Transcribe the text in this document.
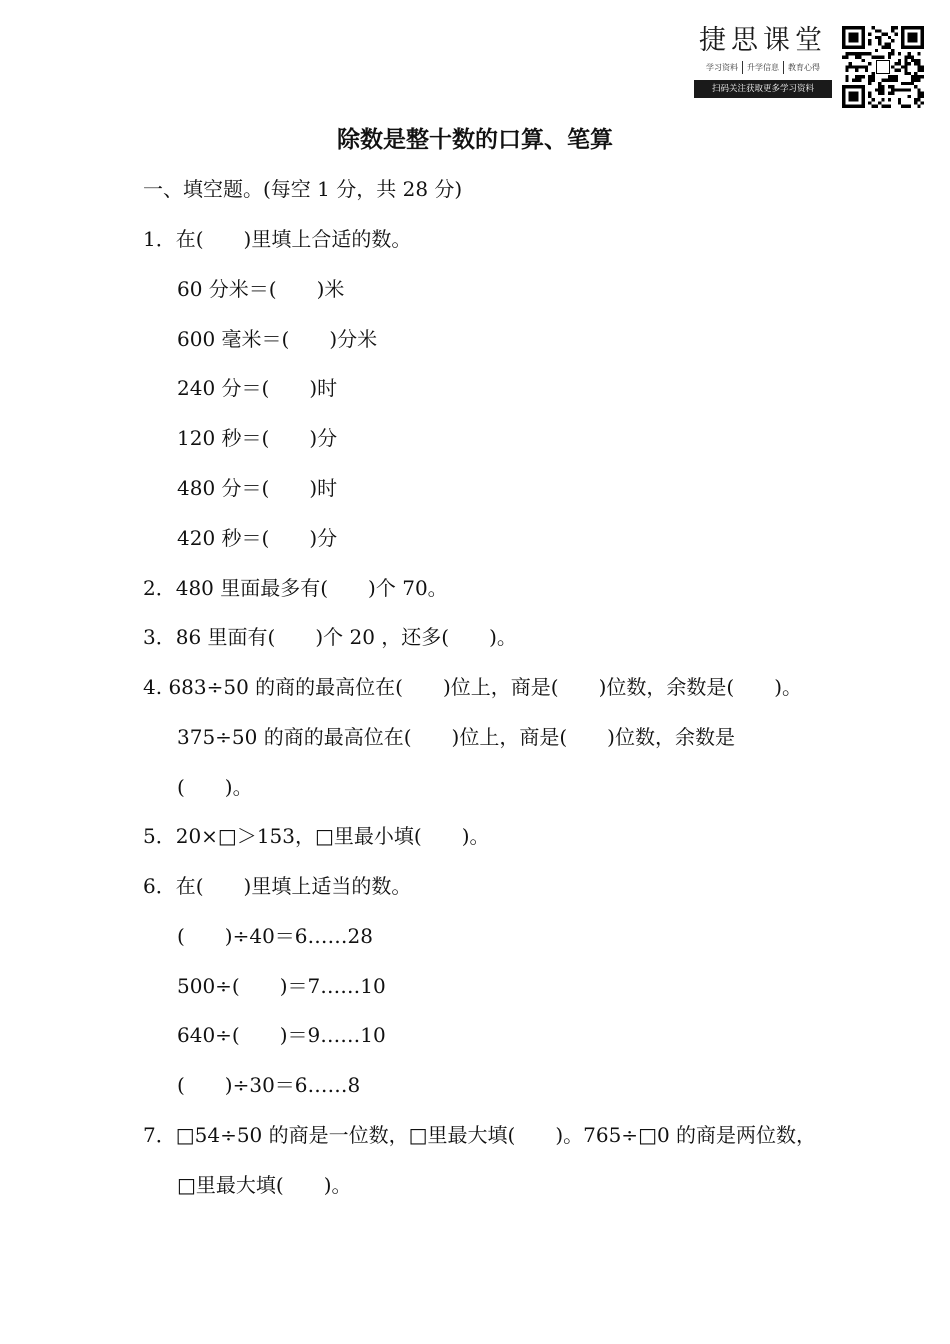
捷思课堂
学习资料	升学信息	教育心得
扫码关注获取更多学习资料
除数是整十数的口算、笔算
一、填空题。(每空 1 分，共 28 分)
1．在(　　)里填上合适的数。
60 分米＝(　　)米
600 毫米＝(　　)分米
240 分＝(　　)时
120 秒＝(　　)分
480 分＝(　　)时
420 秒＝(　　)分
2．480 里面最多有(　　)个 70。
3．86 里面有(　　)个 20 ，还多(　　)。
4. 683÷50 的商的最高位在(　　)位上，商是(　　)位数，余数是(　　)。
375÷50 的商的最高位在(　　)位上，商是(　　)位数，余数是
(　　)。
5．20×□＞153，□里最小填(　　)。
6．在(　　)里填上适当的数。
(　　)÷40＝6……28
500÷(　　)＝7……10
640÷(　　)＝9……10
(　　)÷30＝6……8
7．□54÷50 的商是一位数，□里最大填(　　)。765÷□0 的商是两位数，
□里最大填(　　)。
